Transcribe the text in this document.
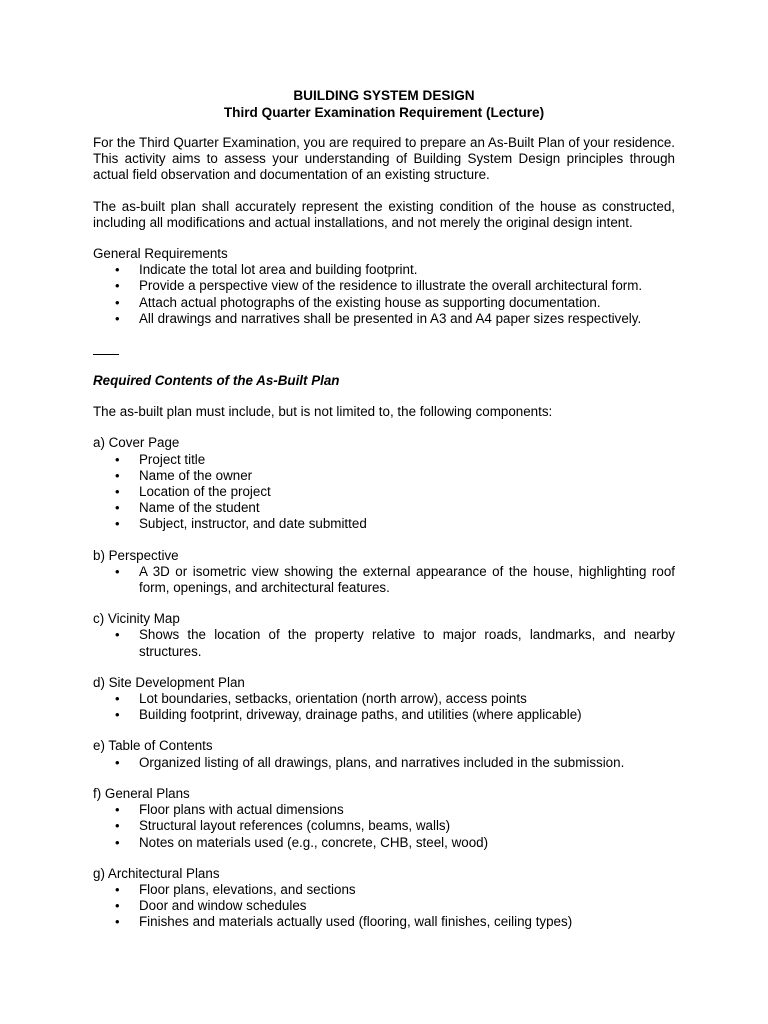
BUILDING SYSTEM DESIGN

Third Quarter Examination Requirement (Lecture)

For the Third Quarter Examination, you are required to prepare an As-Built Plan of your residence. This activity aims to assess your understanding of Building System Design principles through actual field observation and documentation of an existing structure.

The as-built plan shall accurately represent the existing condition of the house as constructed, including all modifications and actual installations, and not merely the original design intent.

General Requirements

•	Indicate the total lot area and building footprint.
•	Provide a perspective view of the residence to illustrate the overall architectural form.
•	Attach actual photographs of the existing house as supporting documentation.
•	All drawings and narratives shall be presented in A3 and A4 paper sizes respectively.

Required Contents of the As-Built Plan

The as-built plan must include, but is not limited to, the following components:

a) Cover Page

•	Project title
•	Name of the owner
•	Location of the project
•	Name of the student
•	Subject, instructor, and date submitted

b) Perspective

•	A 3D or isometric view showing the external appearance of the house, highlighting roof form, openings, and architectural features.

c) Vicinity Map

•	Shows the location of the property relative to major roads, landmarks, and nearby structures.

d) Site Development Plan

•	Lot boundaries, setbacks, orientation (north arrow), access points
•	Building footprint, driveway, drainage paths, and utilities (where applicable)

e) Table of Contents

•	Organized listing of all drawings, plans, and narratives included in the submission.

f) General Plans

•	Floor plans with actual dimensions
•	Structural layout references (columns, beams, walls)
•	Notes on materials used (e.g., concrete, CHB, steel, wood)

g) Architectural Plans

•	Floor plans, elevations, and sections
•	Door and window schedules
•	Finishes and materials actually used (flooring, wall finishes, ceiling types)
